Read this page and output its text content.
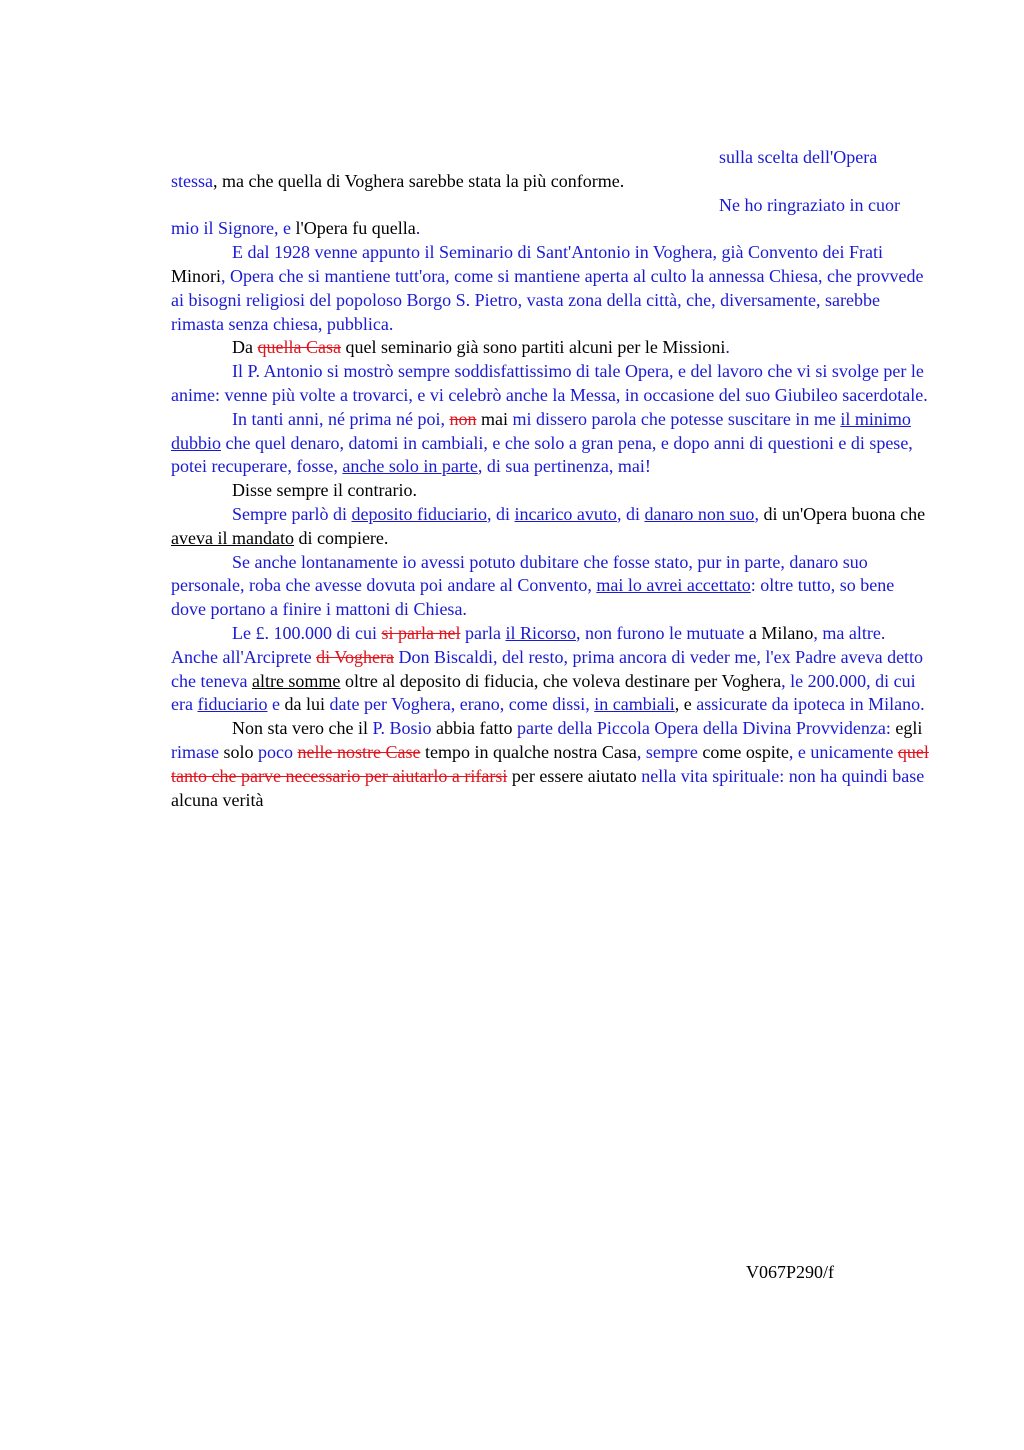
sulla scelta dell'Opera

stessa, ma che quella di Voghera sarebbe stata la più conforme.

Ne ho ringraziato in cuor

mio il Signore, e l'Opera fu quella.

E dal 1928 venne appunto il Seminario di Sant'Antonio in Voghera, già Convento dei Frati Minori, Opera che si mantiene tutt'ora, come si mantiene aperta al culto la annessa Chiesa, che provvede ai bisogni religiosi del popoloso Borgo S. Pietro, vasta zona della città, che, diversamente, sarebbe rimasta senza chiesa, pubblica.

Da quella Casa quel seminario già sono partiti alcuni per le Missioni.

Il P. Antonio si mostrò sempre soddisfattissimo di tale Opera, e del lavoro che vi si svolge per le anime: venne più volte a trovarci, e vi celebrò anche la Messa, in occasione del suo Giubileo sacerdotale.

In tanti anni, né prima né poi, non mai mi dissero parola che potesse suscitare in me il minimo dubbio che quel denaro, datomi in cambiali, e che solo a gran pena, e dopo anni di questioni e di spese, potei recuperare, fosse, anche solo in parte, di sua pertinenza, mai!

Disse sempre il contrario.

Sempre parlò di deposito fiduciario, di incarico avuto, di danaro non suo, di un'Opera buona che aveva il mandato di compiere.

Se anche lontanamente io avessi potuto dubitare che fosse stato, pur in parte, danaro suo personale, roba che avesse dovuta poi andare al Convento, mai lo avrei accettato: oltre tutto, so bene dove portano a finire i mattoni di Chiesa.

Le £. 100.000 di cui si parla nel parla il Ricorso, non furono le mutuate a Milano, ma altre. Anche all'Arciprete di Voghera Don Biscaldi, del resto, prima ancora di veder me, l'ex Padre aveva detto che teneva altre somme oltre al deposito di fiducia, che voleva destinare per Voghera, le 200.000, di cui era fiduciario e da lui date per Voghera, erano, come dissi, in cambiali, e assicurate da ipoteca in Milano.

Non sta vero che il P. Bosio abbia fatto parte della Piccola Opera della Divina Provvidenza: egli rimase solo poco nelle nostre Case tempo in qualche nostra Casa, sempre come ospite, e unicamente quel tanto che parve necessario per aiutarlo a rifarsi per essere aiutato nella vita spirituale: non ha quindi base alcuna verità

V067P290/f
